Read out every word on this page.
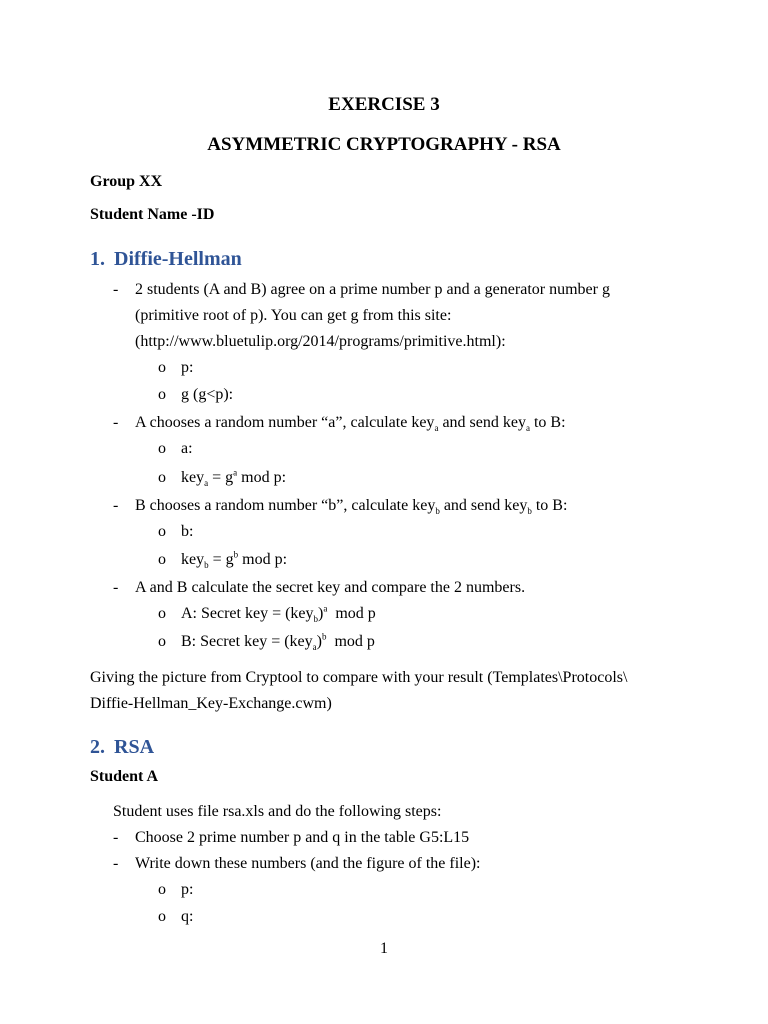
EXERCISE 3
ASYMMETRIC CRYPTOGRAPHY - RSA
Group XX
Student Name -ID
1. Diffie-Hellman
- 2 students (A and B) agree on a prime number p and a generator number g
(primitive root of p). You can get g from this site:
(http://www.bluetulip.org/2014/programs/primitive.html):
o p:
o g (g<p):
- A chooses a random number “a”, calculate key$_a$ and send key$_a$ to B:
o a:
o $key_a = g^a$ mod p:
- B chooses a random number “b”, calculate key$_b$ and send key$_b$ to B:
o b:
o $key_b = g^b$ mod p:
- A and B calculate the secret key and compare the 2 numbers.
o A: Secret key = $(key_b)^a$ mod p
o B: Secret key = $(key_a)^b$ mod p
Giving the picture from Cryptool to compare with your result (Templates\Protocols\
Diffie-Hellman_Key-Exchange.cwm)
2. RSA
Student A
Student uses file rsa.xls and do the following steps:
- Choose 2 prime number p and q in the table G5:L15
- Write down these numbers (and the figure of the file):
o p:
o q:
1
